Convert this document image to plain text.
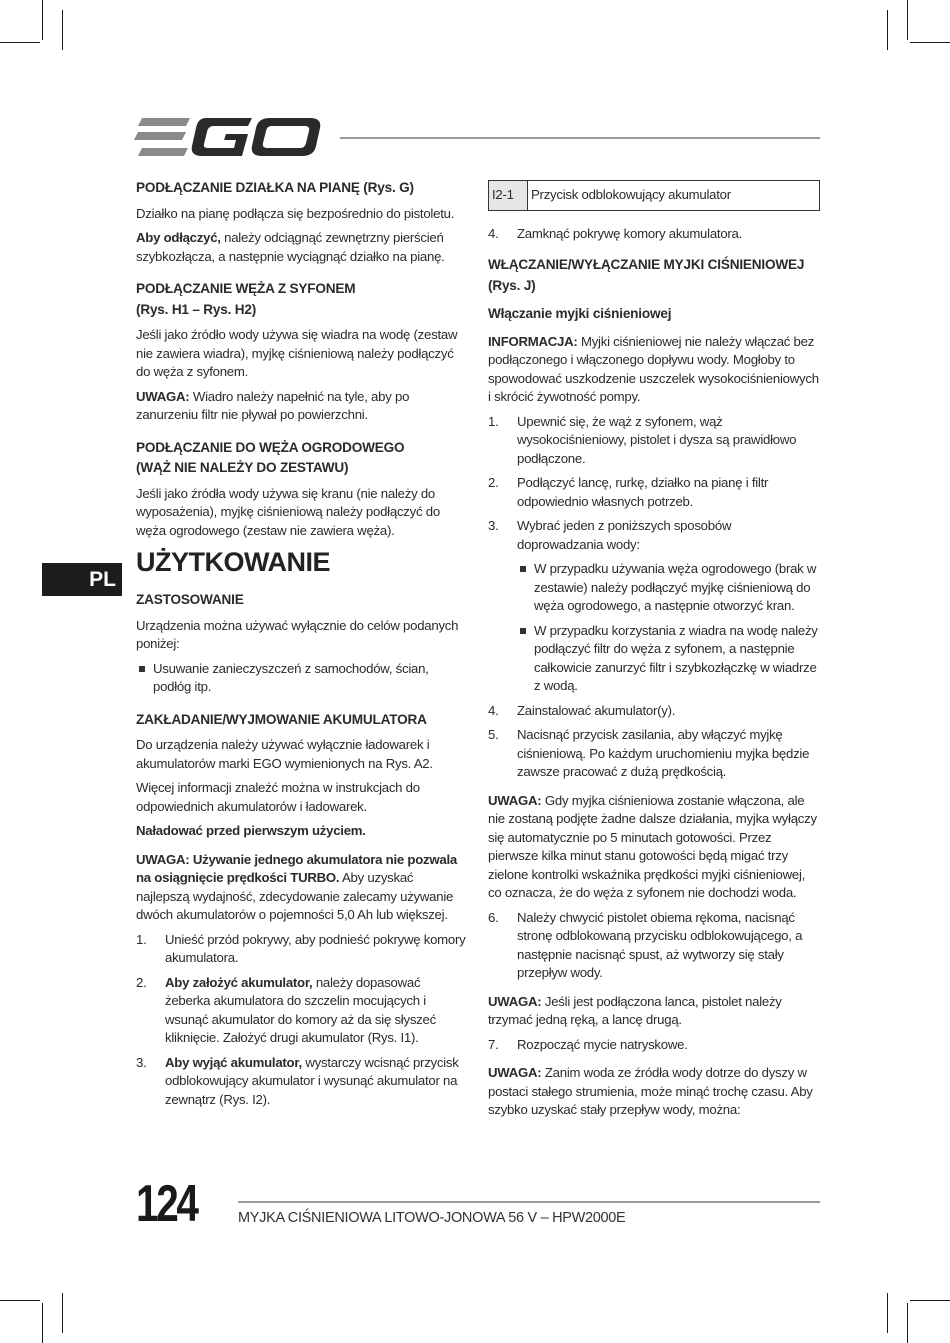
PL
PODŁĄCZANIE DZIAŁKA NA PIANĘ (Rys. G)

Działko na pianę podłącza się bezpośrednio do pistoletu.

Aby odłączyć, należy odciągnąć zewnętrzny pierścień szybkozłącza, a następnie wyciągnąć działko na pianę.

PODŁĄCZANIE WĘŻA Z SYFONEM
(Rys. H1 – Rys. H2)

Jeśli jako źródło wody używa się wiadra na wodę (zestaw nie zawiera wiadra), myjkę ciśnieniową należy podłączyć do węża z syfonem.

UWAGA: Wiadro należy napełnić na tyle, aby po zanurzeniu filtr nie pływał po powierzchni.

PODŁĄCZANIE DO WĘŻA OGRODOWEGO
(WĄŻ NIE NALEŻY DO ZESTAWU)

Jeśli jako źródła wody używa się kranu (nie należy do wyposażenia), myjkę ciśnieniową należy podłączyć do węża ogrodowego (zestaw nie zawiera węża).

UŻYTKOWANIE
ZASTOSOWANIE

Urządzenia można używać wyłącznie do celów podanych poniżej:

Usuwanie zanieczyszczeń z samochodów, ścian, podłóg itp.
ZAKŁADANIE/WYJMOWANIE AKUMULATORA

Do urządzenia należy używać wyłącznie ładowarek i akumulatorów marki EGO wymienionych na Rys. A2.

Więcej informacji znaleźć można w instrukcjach do odpowiednich akumulatorów i ładowarek.

Naładować przed pierwszym użyciem.

UWAGA: Używanie jednego akumulatora nie pozwala na osiągnięcie prędkości TURBO. Aby uzyskać najlepszą wydajność, zdecydowanie zalecamy używanie dwóch akumulatorów o pojemności 5,0 Ah lub większej.

1.	Unieść przód pokrywy, aby podnieść pokrywę komory akumulatora.
2.	Aby założyć akumulator, należy dopasować żeberka akumulatora do szczelin mocujących i wsunąć akumulator do komory aż da się słyszeć kliknięcie. Założyć drugi akumulator (Rys. I1).
3.	Aby wyjąć akumulator, wystarczy wcisnąć przycisk odblokowujący akumulator i wysunąć akumulator na zewnątrz (Rys. I2).
I2-1	Przycisk odblokowujący akumulator
4.	Zamknąć pokrywę komory akumulatora.
WŁĄCZANIE/WYŁĄCZANIE MYJKI CIŚNIENIOWEJ
(Rys. J)
Włączanie myjki ciśnieniowej

INFORMACJA: Myjki ciśnieniowej nie należy włączać bez podłączonego i włączonego dopływu wody. Mogłoby to spowodować uszkodzenie uszczelek wysokociśnieniowych i skrócić żywotność pompy.

1.	Upewnić się, że wąż z syfonem, wąż wysokociśnieniowy, pistolet i dysza są prawidłowo podłączone.
2.	Podłączyć lancę, rurkę, działko na pianę i filtr odpowiednio własnych potrzeb.
3.	Wybrać jeden z poniższych sposobów doprowadzania wody:
W przypadku używania węża ogrodowego (brak w zestawie) należy podłączyć myjkę ciśnieniową do węża ogrodowego, a następnie otworzyć kran.
W przypadku korzystania z wiadra na wodę należy podłączyć filtr do węża z syfonem, a następnie całkowicie zanurzyć filtr i szybkozłączkę w wiadrze z wodą.
4.	Zainstalować akumulator(y).
5.	Nacisnąć przycisk zasilania, aby włączyć myjkę ciśnieniową. Po każdym uruchomieniu myjka będzie zawsze pracować z dużą prędkością.

UWAGA: Gdy myjka ciśnieniowa zostanie włączona, ale nie zostaną podjęte żadne dalsze działania, myjka wyłączy się automatycznie po 5 minutach gotowości. Przez pierwsze kilka minut stanu gotowości będą migać trzy zielone kontrolki wskaźnika prędkości myjki ciśnieniowej, co oznacza, że do węża z syfonem nie dochodzi woda.

6.	Należy chwycić pistolet obiema rękoma, nacisnąć stronę odblokowaną przycisku odblokowującego, a następnie nacisnąć spust, aż wytworzy się stały przepływ wody.

UWAGA: Jeśli jest podłączona lanca, pistolet należy trzymać jedną ręką, a lancę drugą.

7.	Rozpocząć mycie natryskowe.

UWAGA: Zanim woda ze źródła wody dotrze do dyszy w postaci stałego strumienia, może minąć trochę czasu. Aby szybko uzyskać stały przepływ wody, można:

124	MYJKA CIŚNIENIOWA LITOWO-JONOWA 56 V – HPW2000E
